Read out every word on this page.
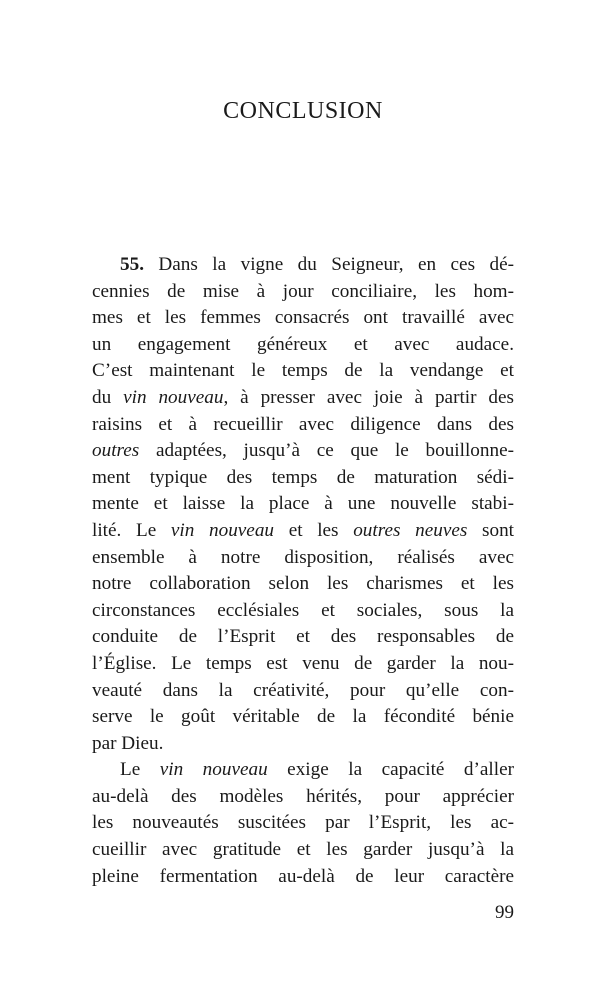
CONCLUSION
55. Dans la vigne du Seigneur, en ces dé-
cennies de mise à jour conciliaire, les hom-
mes et les femmes consacrés ont travaillé avec
un engagement généreux et avec audace.
C’est maintenant le temps de la vendange et
du vin nouveau, à presser avec joie à partir des
raisins et à recueillir avec diligence dans des
outres adaptées, jusqu’à ce que le bouillonne-
ment typique des temps de maturation sédi-
mente et laisse la place à une nouvelle stabi-
lité. Le vin nouveau et les outres neuves sont
ensemble à notre disposition, réalisés avec
notre collaboration selon les charismes et les
circonstances ecclésiales et sociales, sous la
conduite de l’Esprit et des responsables de
l’Église. Le temps est venu de garder la nou-
veauté dans la créativité, pour qu’elle con-
serve le goût véritable de la fécondité bénie
par Dieu.
Le vin nouveau exige la capacité d’aller
au-delà des modèles hérités, pour apprécier
les nouveautés suscitées par l’Esprit, les ac-
cueillir avec gratitude et les garder jusqu’à la
pleine fermentation au-delà de leur caractère
99
